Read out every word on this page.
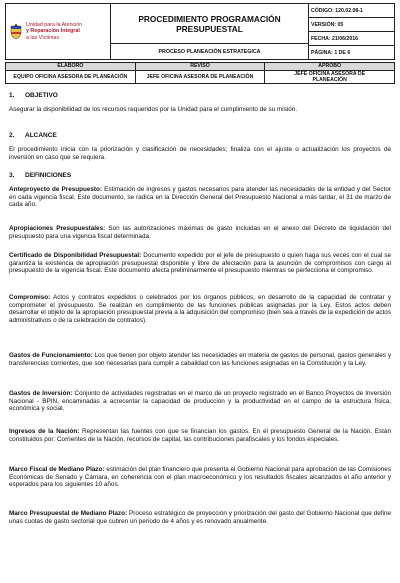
Unidad para la Atención
y Reparación Integral
a las Víctimas
PROCEDIMIENTO PROGRAMACIÓN
PRESUPUESTAL
PROCESO PLANEACIÓN ESTRATEGICA
CÓDIGO: 120.02.08-1
VERSIÓN: 05
FECHA: 21/06/2016
PÁGINA: 1 DE 6
ELABORO	REVISO	APROBO
EQUIPO OFICINA ASESORA DE PLANEACIÓN	JEFE OFICINA ASESORA DE PLANEACIÓN	JEFE OFICINA ASESORA DE PLANEACIÓN
1. OBJETIVO
Asegurar la disponibilidad de los recursos requeridos por la Unidad para el cumplimiento de su misión.
2. ALCANCE
El procedimiento inicia con la priorización y clasificación de necesidades; finaliza con el ajuste o actualización los proyectos de inversión en caso que se requiera.
3. DEFINICIONES
Anteproyecto de Presupuesto: Estimación de ingresos y gastos necesarios para atender las necesidades de la entidad y del Sector en cada vigencia fiscal. Este documento, se radica en la Dirección General del Presupuesto Nacional a más tardar, el 31 de marzo de cada año.
Apropiaciones Presupuestales: Son las autorizaciones máximas de gasto incluidas en el anexo del Decreto de liquidación del presupuesto para una vigencia fiscal determinada.
Certificado de Disponibilidad Presupuestal: Documento expedido por el jefe de presupuesto o quien haga sus veces con el cual se garantiza la existencia de apropiación presupuestal disponible y libre de afectación para la asunción de compromisos con cargo al presupuesto de la vigencia fiscal. Este documento afecta preliminarmente el presupuesto mientras se perfecciona el compromiso.
Compromiso: Actos y contratos expedidos o celebrados por los órganos públicos, en desarrollo de la capacidad de contratar y comprometer el presupuesto. Se realizan en cumplimiento de las funciones públicas asignadas por la Ley. Estos actos deben desarrollar el objeto de la apropiación presupuestal previa a la adquisición del compromiso (bien sea a través de la expedición de actos administrativos o de la celebración de contratos).
Gastos de Funcionamiento: Los que tienen por objeto atender las necesidades en materia de gastos de personal, gastos generales y transferencias corrientes, que son necesarias para cumplir a cabalidad con las funciones asignadas en la Constitución y la Ley.
Gastos de Inversión: Conjunto de actividades registradas en el marco de un proyecto registrado en el Banco Proyectos de Inversión Nacional - BPIN, encaminadas a acrecentar la capacidad de producción y la productividad en el campo de la estructura física, económica y social.
Ingresos de la Nación: Representan las fuentes con que se financian los gastos. En el presupuesto General de la Nación. Están constituidos por: Corrientes de la Nación, recursos de capital, las contribuciones parafiscales y los fondos especiales.
Marco Fiscal de Mediano Plazo: estimación del plan financiero que presenta el Gobierno Nacional para aprobación de las Comisiones Económicas de Senado y Cámara, en coherencia con el plan macroeconómico y los resultados fiscales alcanzados el año anterior y esperados para los siguientes 10 años.
Marco Presupuestal de Mediano Plazo: Proceso estratégico de proyección y priorización del gasto del Gobierno Nacional que define unas cuotas de gasto sectorial que cubren un periodo de 4 años y es renovado anualmente.
